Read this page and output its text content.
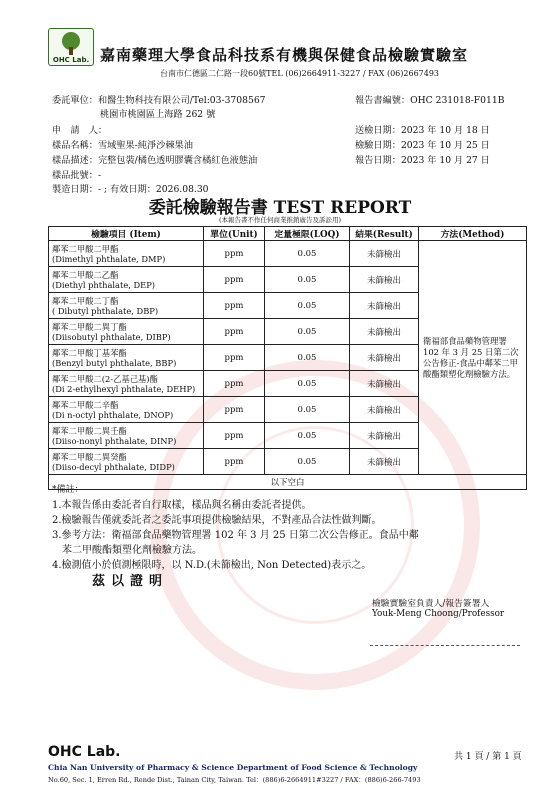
OHC Lab. 嘉南藥理大學食品科技系有機與保健食品檢驗實驗室
台南市仁德區二仁路一段60號TEL (06)2664911-3227 / FAX (06)2667493
委託單位：和醫生物科技有限公司/Tel:03-3708567
桃園市桃園區上海路 262 號
報告書編號：OHC 231018-F011B
申　請　人：	送檢日期：2023 年 10 月 18 日
樣品名稱：雪域聖果-純淨沙棘果油	檢驗日期：2023 年 10 月 25 日
樣品描述：完整包裝/橘色透明膠囊含橘紅色液態油	報告日期：2023 年 10 月 27 日
樣品批號：-
製造日期：- ; 有效日期：2026.08.30
委託檢驗報告書 TEST REPORT
(本報告書不作任何商業推銷廣告及訴訟用)
檢驗項目 (Item)	單位(Unit)	定量極限(LOQ)	結果(Result)	方法(Method)

鄰苯二甲酸二甲酯
(Dimethyl phthalate, DMP)	ppm	0.05	未篩檢出	衛福部食品藥物管理署 102 年 3 月 25 日第二次公告修正-食品中鄰苯二甲酸酯類塑化劑檢驗方法。

鄰苯二甲酸二乙酯
(Diethyl phthalate, DEP)	ppm	0.05	未篩檢出	

鄰苯二甲酸二丁酯
( Dibutyl phthalate, DBP)	ppm	0.05	未篩檢出	

鄰苯二甲酸二異丁酯
(Diisobutyl phthalate, DIBP)	ppm	0.05	未篩檢出	

鄰苯二甲酸丁基苯酯
(Benzyl butyl phthalate, BBP)	ppm	0.05	未篩檢出	

鄰苯二甲酸二(2-乙基己基)酯
(Di 2-ethylhexyl phthalate, DEHP)	ppm	0.05	未篩檢出	

鄰苯二甲酸二辛酯
(Di n-octyl phthalate, DNOP)	ppm	0.05	未篩檢出	

鄰苯二甲酸二異壬酯
(Diiso-nonyl phthalate, DINP)	ppm	0.05	未篩檢出	

鄰苯二甲酸二異癸酯
(Diiso-decyl phthalate, DIDP)	ppm	0.05	未篩檢出	
以下空白				
*備註：
1.本報告係由委託者自行取樣，樣品與名稱由委託者提供。
2.檢驗報告僅就委託者之委託事項提供檢驗結果，不對產品合法性做判斷。
3.參考方法：衛福部食品藥物管理署 102 年 3 月 25 日第二次公告修正。食品中鄰
　苯二甲酸酯類塑化劑檢驗方法。
4.檢測值小於偵測極限時，以 N.D.(未篩檢出, Non Detected)表示之。
茲以證明
檢驗實驗室負責人/報告簽署人
Youk-Meng Choong/Professor
OHC Lab.
Chia Nan University of Pharmacy & Science Department of Food Science & Technology
No.60, Sec. 1, Erren Rd., Rende Dist., Tainan City, Taiwan. Tel：(886)6-2664911#3227 / FAX：(886)6-266-7493
共 1 頁 / 第 1 頁
